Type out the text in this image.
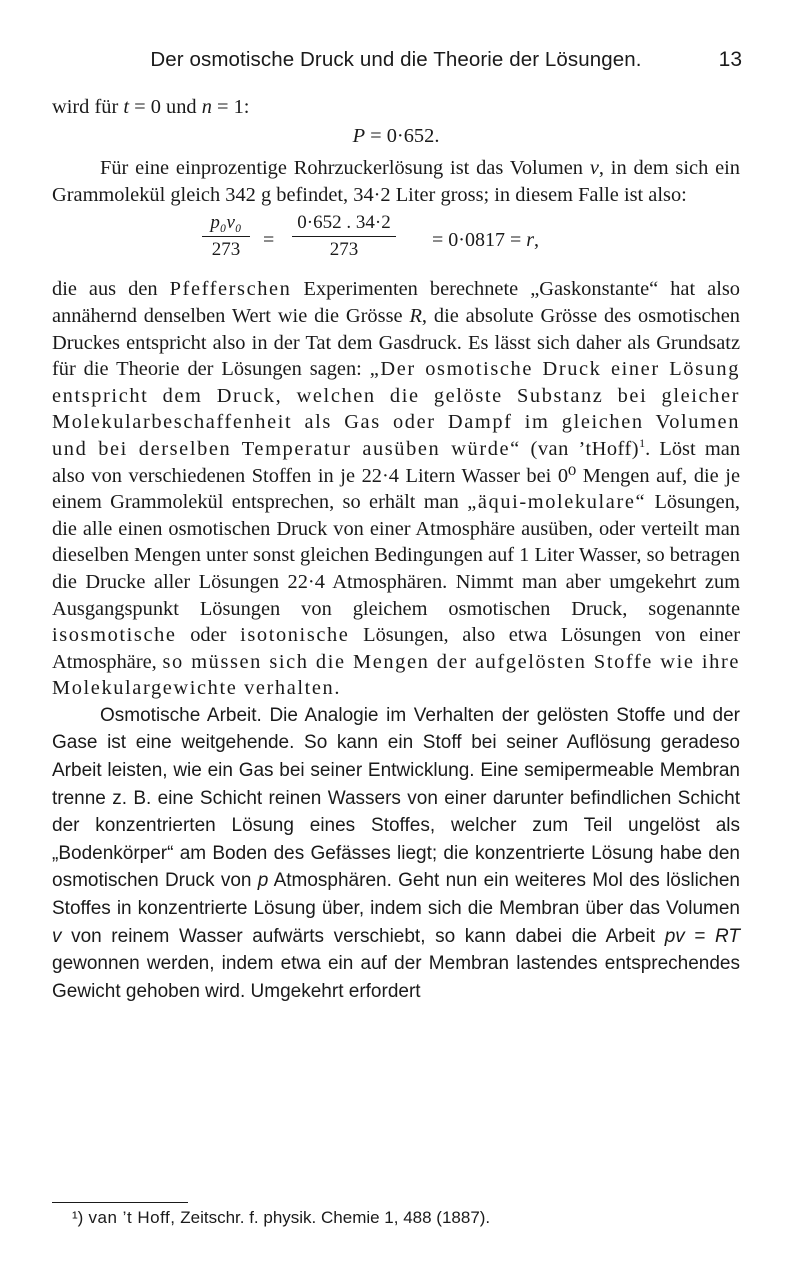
Der osmotische Druck und die Theorie der Lösungen.	13

wird für t = 0 und n = 1:

P = 0·652.

Für eine einprozentige Rohrzuckerlösung ist das Volumen v, in dem sich ein Grammolekül gleich 342 g befindet, 34·2 Liter gross; in diesem Falle ist also:

p₀v₀
273	=
0·652 . 34·2
273	= 0·0817 = r,

die aus den Pfefferschen Experimenten berechnete „Gaskonstante“ hat also annähernd denselben Wert wie die Grösse R, die absolute Grösse des osmotischen Druckes entspricht also in der Tat dem Gasdruck. Es lässt sich daher als Grundsatz für die Theorie der Lösungen sagen: „Der osmotische Druck einer Lösung entspricht dem Druck, welchen die gelöste Substanz bei gleicher Molekularbeschaffenheit als Gas oder Dampf im gleichen Volumen und bei derselben Temperatur ausüben würde“ (van ’tHoff)$^1$. Löst man also von verschiedenen Stoffen in je 22·4 Litern Wasser bei 0⁰ Mengen auf, die je einem Grammolekül entsprechen, so erhält man „äqui-molekulare“ Lösungen, die alle einen osmotischen Druck von einer Atmosphäre ausüben, oder verteilt man dieselben Mengen unter sonst gleichen Bedingungen auf 1 Liter Wasser, so betragen die Drucke aller Lösungen 22·4 Atmosphären. Nimmt man aber umgekehrt zum Ausgangspunkt Lösungen von gleichem osmotischen Druck, sogenannte isosmotische oder isotonische Lösungen, also etwa Lösungen von einer Atmosphäre, so müssen sich die Mengen der aufgelösten Stoffe wie ihre Molekulargewichte verhalten.

Osmotische Arbeit. Die Analogie im Verhalten der gelösten Stoffe und der Gase ist eine weitgehende. So kann ein Stoff bei seiner Auflösung geradeso Arbeit leisten, wie ein Gas bei seiner Entwicklung. Eine semipermeable Membran trenne z. B. eine Schicht reinen Wassers von einer darunter befindlichen Schicht der konzentrierten Lösung eines Stoffes, welcher zum Teil ungelöst als „Bodenkörper“ am Boden des Gefässes liegt; die konzentrierte Lösung habe den osmotischen Druck von p Atmosphären. Geht nun ein weiteres Mol des löslichen Stoffes in konzentrierte Lösung über, indem sich die Membran über das Volumen v von reinem Wasser aufwärts verschiebt, so kann dabei die Arbeit pv = RT gewonnen werden, indem etwa ein auf der Membran lastendes entsprechendes Gewicht gehoben wird. Umgekehrt erfordert

¹) van ’t Hoff, Zeitschr. f. physik. Chemie 1, 488 (1887).
